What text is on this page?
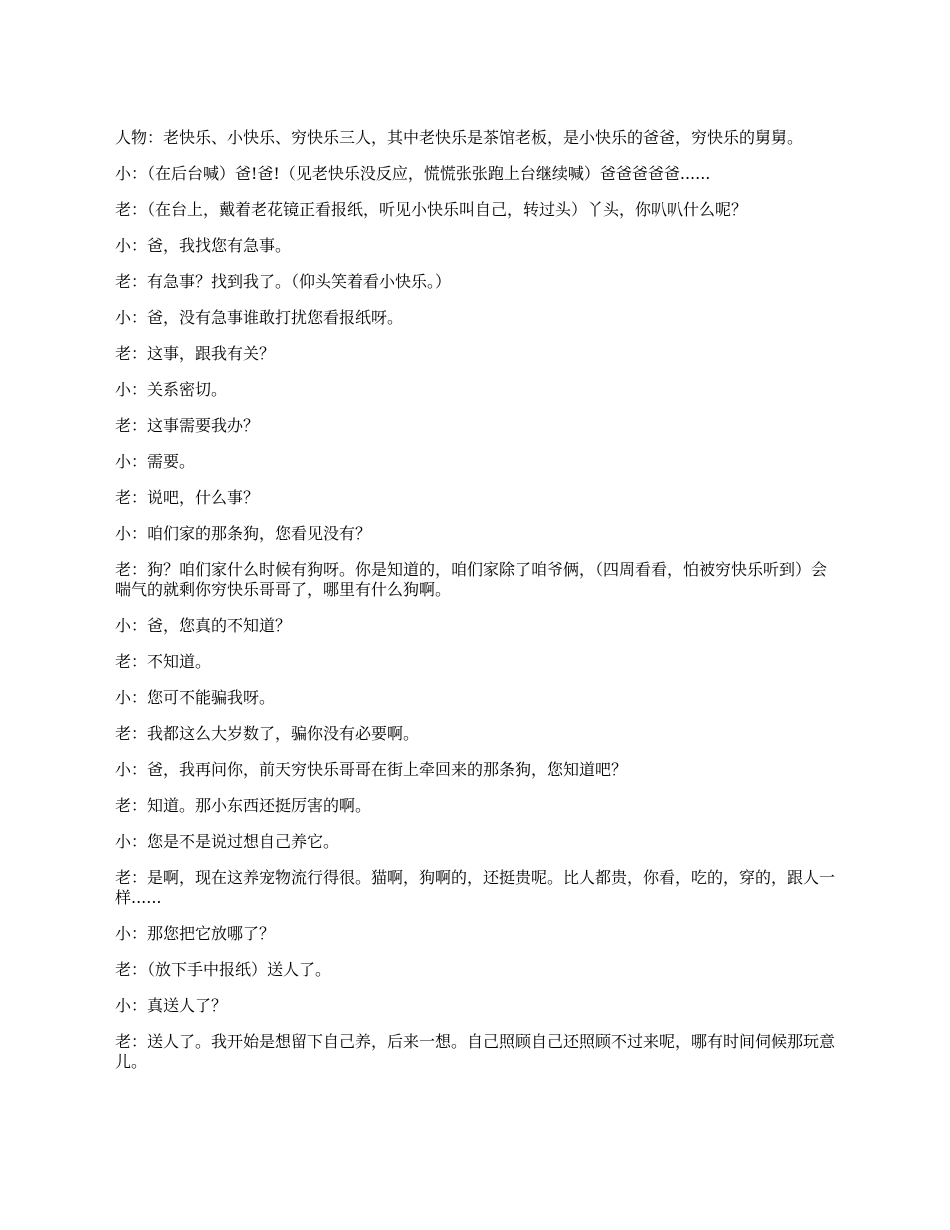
人物：老快乐、小快乐、穷快乐三人，其中老快乐是茶馆老板，是小快乐的爸爸，穷快乐的舅舅。

小：（在后台喊）爸!爸!（见老快乐没反应，慌慌张张跑上台继续喊）爸爸爸爸爸......

老：（在台上，戴着老花镜正看报纸，听见小快乐叫自己，转过头）丫头，你叭叭什么呢？

小：爸，我找您有急事。

老：有急事？找到我了。（仰头笑着看小快乐。）

小：爸，没有急事谁敢打扰您看报纸呀。

老：这事，跟我有关？

小：关系密切。

老：这事需要我办？

小：需要。

老：说吧，什么事？

小：咱们家的那条狗，您看见没有？

老：狗？咱们家什么时候有狗呀。你是知道的，咱们家除了咱爷俩，（四周看看，怕被穷快乐听到）会喘气的就剩你穷快乐哥哥了，哪里有什么狗啊。

小：爸，您真的不知道？

老：不知道。

小：您可不能骗我呀。

老：我都这么大岁数了，骗你没有必要啊。

小：爸，我再问你，前天穷快乐哥哥在街上牵回来的那条狗，您知道吧？

老：知道。那小东西还挺厉害的啊。

小：您是不是说过想自己养它。

老：是啊，现在这养宠物流行得很。猫啊，狗啊的，还挺贵呢。比人都贵，你看，吃的，穿的，跟人一样......

小：那您把它放哪了？

老：（放下手中报纸）送人了。

小：真送人了？

老：送人了。我开始是想留下自己养，后来一想。自己照顾自己还照顾不过来呢，哪有时间伺候那玩意儿。
